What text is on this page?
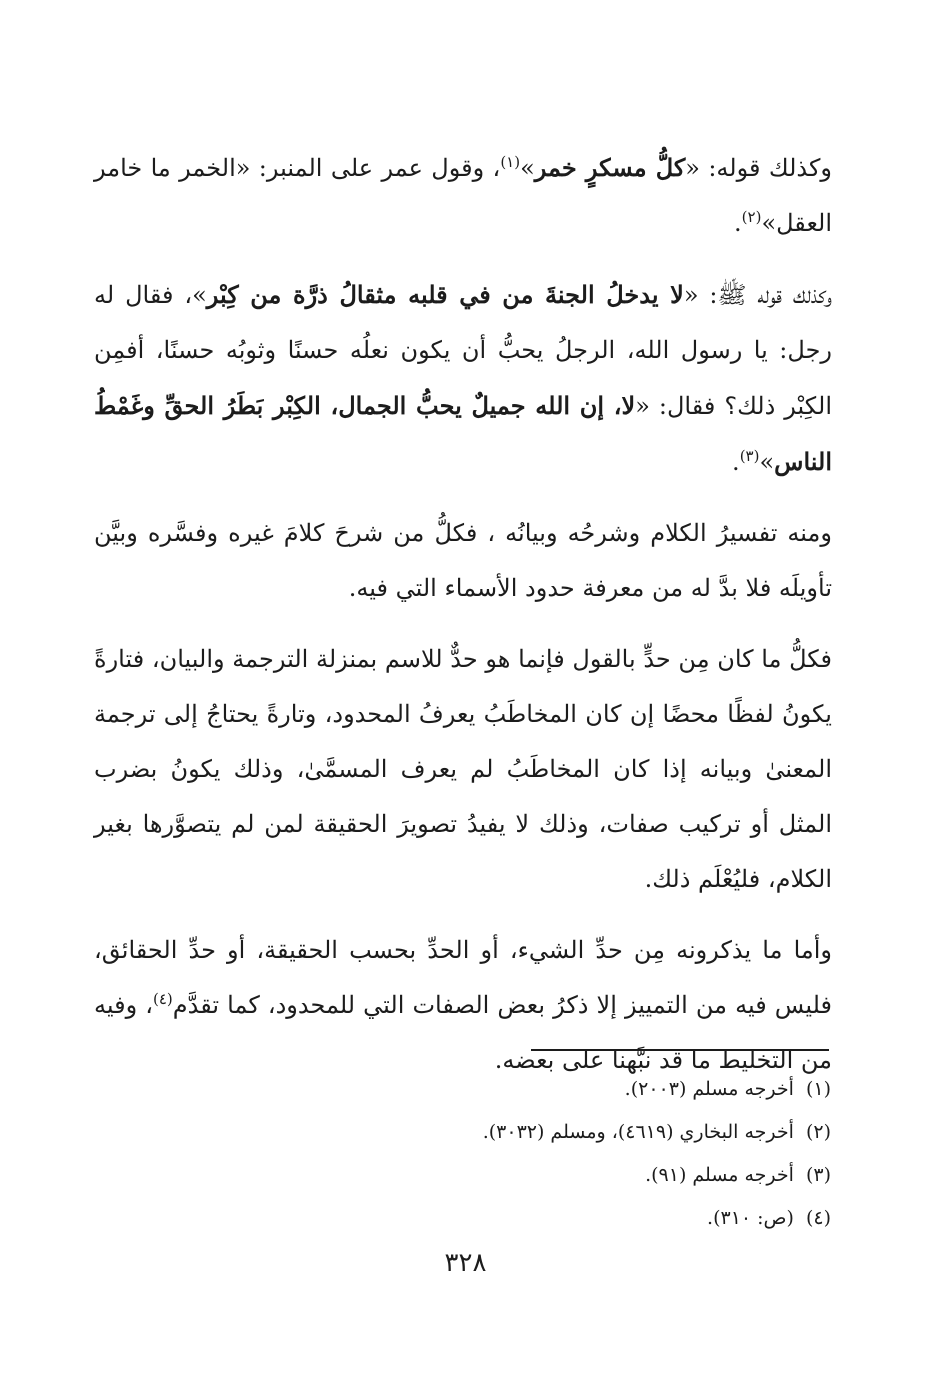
وكذلك قوله: «كلُّ مسكرٍ خمر»$^{(١)}$، وقول عمر على المنبر: «الخمر ما خامر العقل»$^{(٢)}$.

وكذلك قوله ﷺ: «لا يدخلُ الجنةَ من في قلبه مثقالُ ذرَّة من كِبْر»، فقال له رجل: يا رسول الله، الرجلُ يحبُّ أن يكون نعلُه حسنًا وثوبُه حسنًا، أفمِن الكِبْر ذلك؟ فقال: «لا، إن الله جميلٌ يحبُّ الجمال، الكِبْر بَطَرُ الحقِّ وغَمْطُ الناس»$^{(٣)}$.

ومنه تفسيرُ الكلام وشرحُه وبيانُه ، فكلُّ من شرحَ كلامَ غيره وفسَّره وبيَّن تأويلَه فلا بدَّ له من معرفة حدود الأسماء التي فيه.

فكلُّ ما كان مِن حدٍّ بالقول فإنما هو حدٌّ للاسم بمنزلة الترجمة والبيان، فتارةً يكونُ لفظًا محضًا إن كان المخاطَبُ يعرفُ المحدود، وتارةً يحتاجُ إلى ترجمة المعنىٰ وبيانه إذا كان المخاطَبُ لم يعرف المسمَّىٰ، وذلك يكونُ بضرب المثل أو تركيب صفات، وذلك لا يفيدُ تصويرَ الحقيقة لمن لم يتصوَّرها بغير الكلام، فليُعْلَم ذلك.

وأما ما يذكرونه مِن حدِّ الشيء، أو الحدِّ بحسب الحقيقة، أو حدِّ الحقائق، فليس فيه من التمييز إلا ذكرُ بعض الصفات التي للمحدود، كما تقدَّم$^{(٤)}$، وفيه من التخليط ما قد نبَّهنا على بعضه.

(١)أخرجه مسلم (٢٠٠٣).
(٢)أخرجه البخاري (٤٦١٩)، ومسلم (٣٠٣٢).
(٣)أخرجه مسلم (٩١).
(٤)(ص: ٣١٠).
٣٢٨
